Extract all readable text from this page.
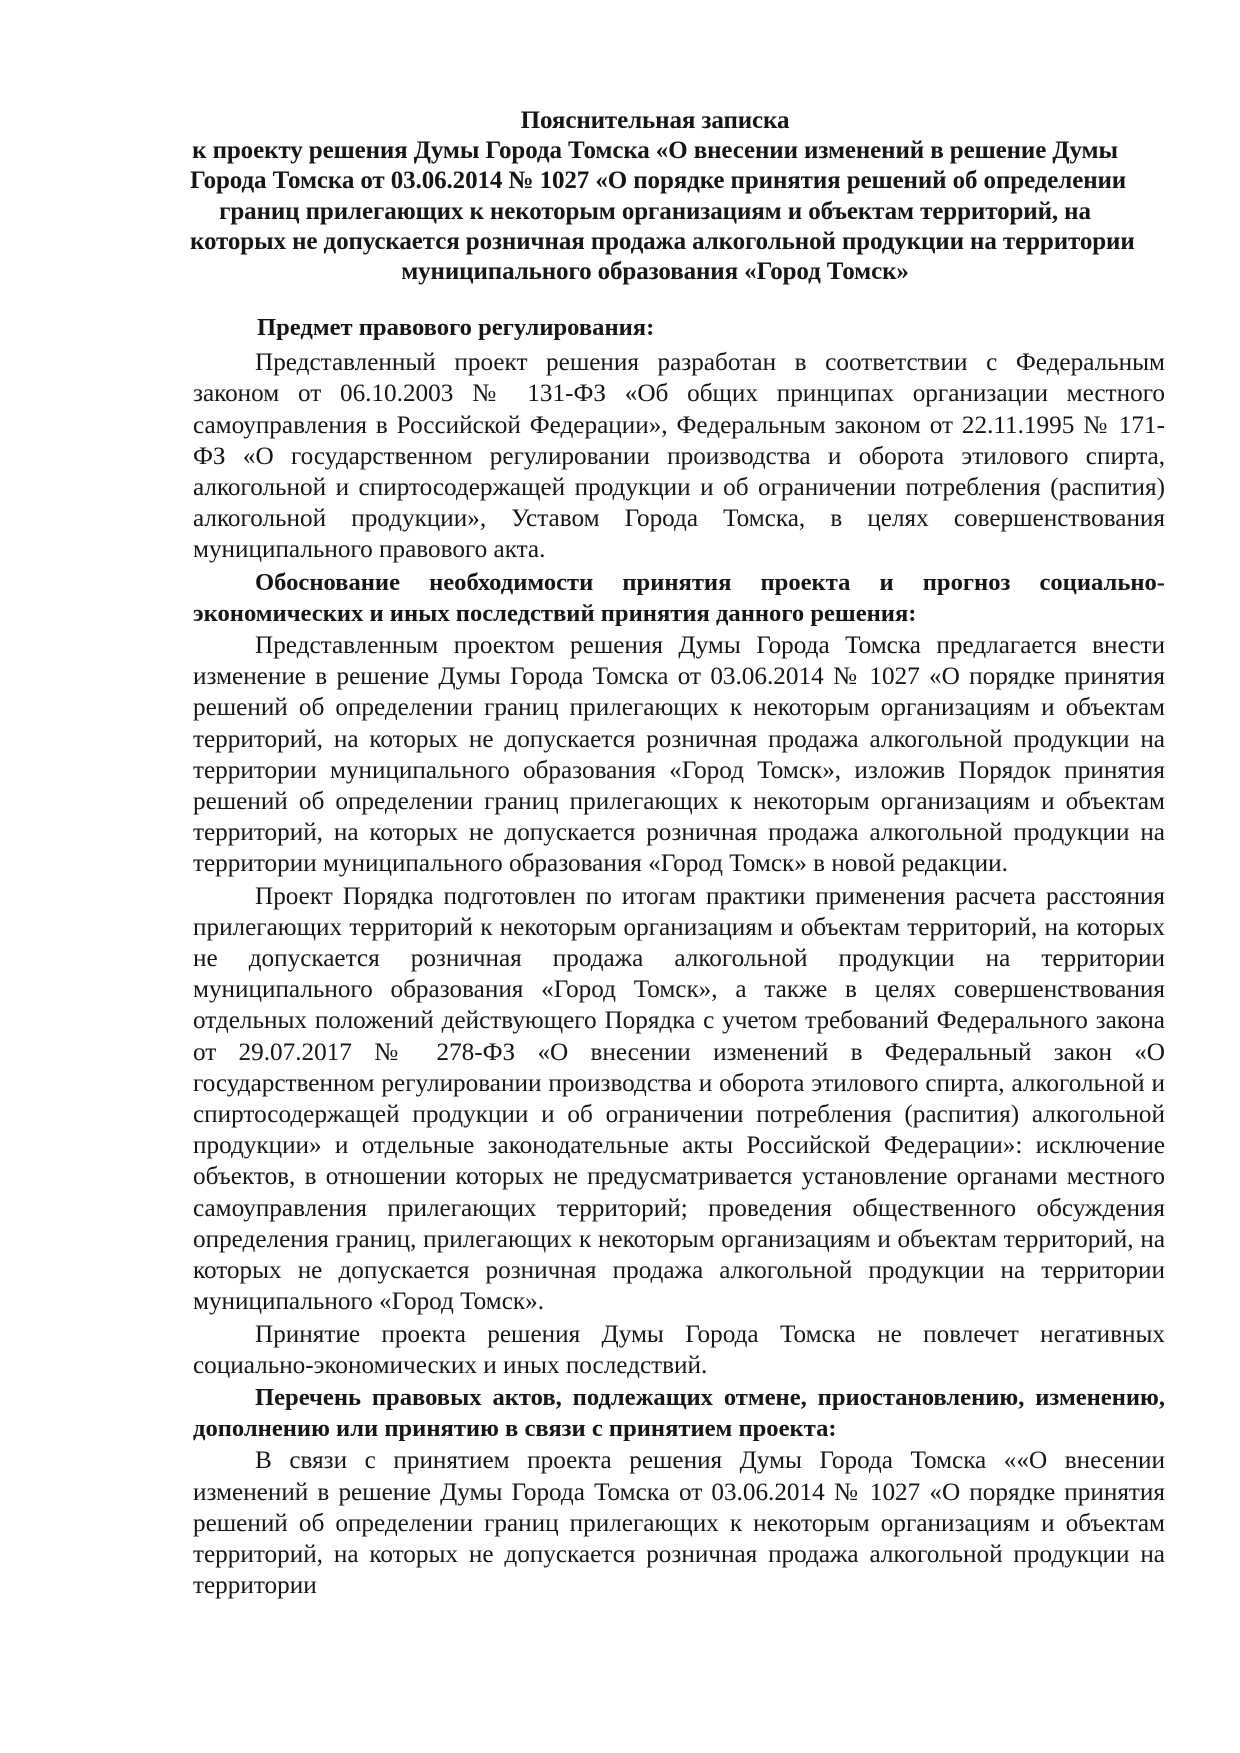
Пояснительная записка
к проекту решения Думы Города Томска «О внесении изменений в решение Думы
Города Томска от 03.06.2014 № 1027 «О порядке принятия решений об определении
границ прилегающих к некоторым организациям и объектам территорий, на
которых не допускается розничная продажа алкогольной продукции на территории
муниципального образования «Город Томск»

Предмет правового регулирования:

Представленный проект решения разработан в соответствии с Федеральным законом от 06.10.2003 № 131-ФЗ «Об общих принципах организации местного самоуправления в Российской Федерации», Федеральным законом от 22.11.1995 № 171-ФЗ «О государственном регулировании производства и оборота этилового спирта, алкогольной и спиртосодержащей продукции и об ограничении потребления (распития) алкогольной продукции», Уставом Города Томска, в целях совершенствования муниципального правового акта.

Обоснование необходимости принятия проекта и прогноз социально-экономических и иных последствий принятия данного решения:

Представленным проектом решения Думы Города Томска предлагается внести изменение в решение Думы Города Томска от 03.06.2014 № 1027 «О порядке принятия решений об определении границ прилегающих к некоторым организациям и объектам территорий, на которых не допускается розничная продажа алкогольной продукции на территории муниципального образования «Город Томск», изложив Порядок принятия решений об определении границ прилегающих к некоторым организациям и объектам территорий, на которых не допускается розничная продажа алкогольной продукции на территории муниципального образования «Город Томск» в новой редакции.

Проект Порядка подготовлен по итогам практики применения расчета расстояния прилегающих территорий к некоторым организациям и объектам территорий, на которых не допускается розничная продажа алкогольной продукции на территории муниципального образования «Город Томск», а также в целях совершенствования отдельных положений действующего Порядка с учетом требований Федерального закона от 29.07.2017 № 278-ФЗ «О внесении изменений в Федеральный закон «О государственном регулировании производства и оборота этилового спирта, алкогольной и спиртосодержащей продукции и об ограничении потребления (распития) алкогольной продукции» и отдельные законодательные акты Российской Федерации»: исключение объектов, в отношении которых не предусматривается установление органами местного самоуправления прилегающих территорий; проведения общественного обсуждения определения границ, прилегающих к некоторым организациям и объектам территорий, на которых не допускается розничная продажа алкогольной продукции на территории муниципального «Город Томск».

Принятие проекта решения Думы Города Томска не повлечет негативных социально-экономических и иных последствий.

Перечень правовых актов, подлежащих отмене, приостановлению, изменению, дополнению или принятию в связи с принятием проекта:

В связи с принятием проекта решения Думы Города Томска ««О внесении изменений в решение Думы Города Томска от 03.06.2014 № 1027 «О порядке принятия решений об определении границ прилегающих к некоторым организациям и объектам территорий, на которых не допускается розничная продажа алкогольной продукции на территории
